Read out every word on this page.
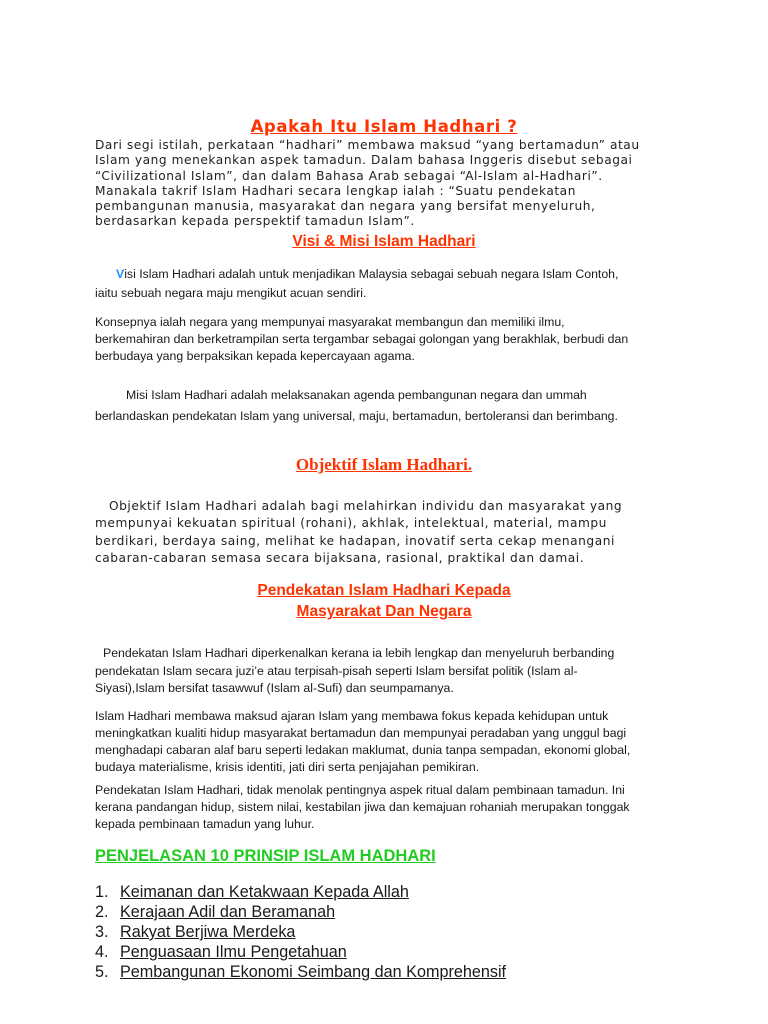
Apakah Itu Islam Hadhari ?
Dari segi istilah, perkataan “hadhari” membawa maksud “yang bertamadun” atau
Islam yang menekankan aspek tamadun. Dalam bahasa Inggeris disebut sebagai
“Civilizational Islam”, dan dalam Bahasa Arab sebagai “Al-Islam al-Hadhari”.
Manakala takrif Islam Hadhari secara lengkap ialah : “Suatu pendekatan
pembangunan manusia, masyarakat dan negara yang bersifat menyeluruh,
berdasarkan kepada perspektif tamadun Islam”.
Visi & Misi Islam Hadhari
Visi Islam Hadhari adalah untuk menjadikan Malaysia sebagai sebuah negara Islam Contoh,
iaitu sebuah negara maju mengikut acuan sendiri.
Konsepnya ialah negara yang mempunyai masyarakat membangun dan memiliki ilmu,
berkemahiran dan berketrampilan serta tergambar sebagai golongan yang berakhlak, berbudi dan
berbudaya yang berpaksikan kepada kepercayaan agama.
Misi Islam Hadhari adalah melaksanakan agenda pembangunan negara dan ummah
berlandaskan pendekatan Islam yang universal, maju, bertamadun, bertoleransi dan berimbang.
Objektif Islam Hadhari.
Objektif Islam Hadhari adalah bagi melahirkan individu dan masyarakat yang
mempunyai kekuatan spiritual (rohani), akhlak, intelektual, material, mampu
berdikari, berdaya saing, melihat ke hadapan, inovatif serta cekap menangani
cabaran-cabaran semasa secara bijaksana, rasional, praktikal dan damai.
Pendekatan Islam Hadhari Kepada
Masyarakat Dan Negara
Pendekatan Islam Hadhari diperkenalkan kerana ia lebih lengkap dan menyeluruh berbanding
pendekatan Islam secara juzi’e atau terpisah-pisah seperti Islam bersifat politik (Islam al-
Siyasi),Islam bersifat tasawwuf (Islam al-Sufi) dan seumpamanya.
Islam Hadhari membawa maksud ajaran Islam yang membawa fokus kepada kehidupan untuk
meningkatkan kualiti hidup masyarakat bertamadun dan mempunyai peradaban yang unggul bagi
menghadapi cabaran alaf baru seperti ledakan maklumat, dunia tanpa sempadan, ekonomi global,
budaya materialisme, krisis identiti, jati diri serta penjajahan pemikiran.
Pendekatan Islam Hadhari, tidak menolak pentingnya aspek ritual dalam pembinaan tamadun. Ini
kerana pandangan hidup, sistem nilai, kestabilan jiwa dan kemajuan rohaniah merupakan tonggak
kepada pembinaan tamadun yang luhur.
PENJELASAN 10 PRINSIP ISLAM HADHARI
1. Keimanan dan Ketakwaan Kepada Allah
2. Kerajaan Adil dan Beramanah
3. Rakyat Berjiwa Merdeka
4. Penguasaan Ilmu Pengetahuan
5. Pembangunan Ekonomi Seimbang dan Komprehensif
